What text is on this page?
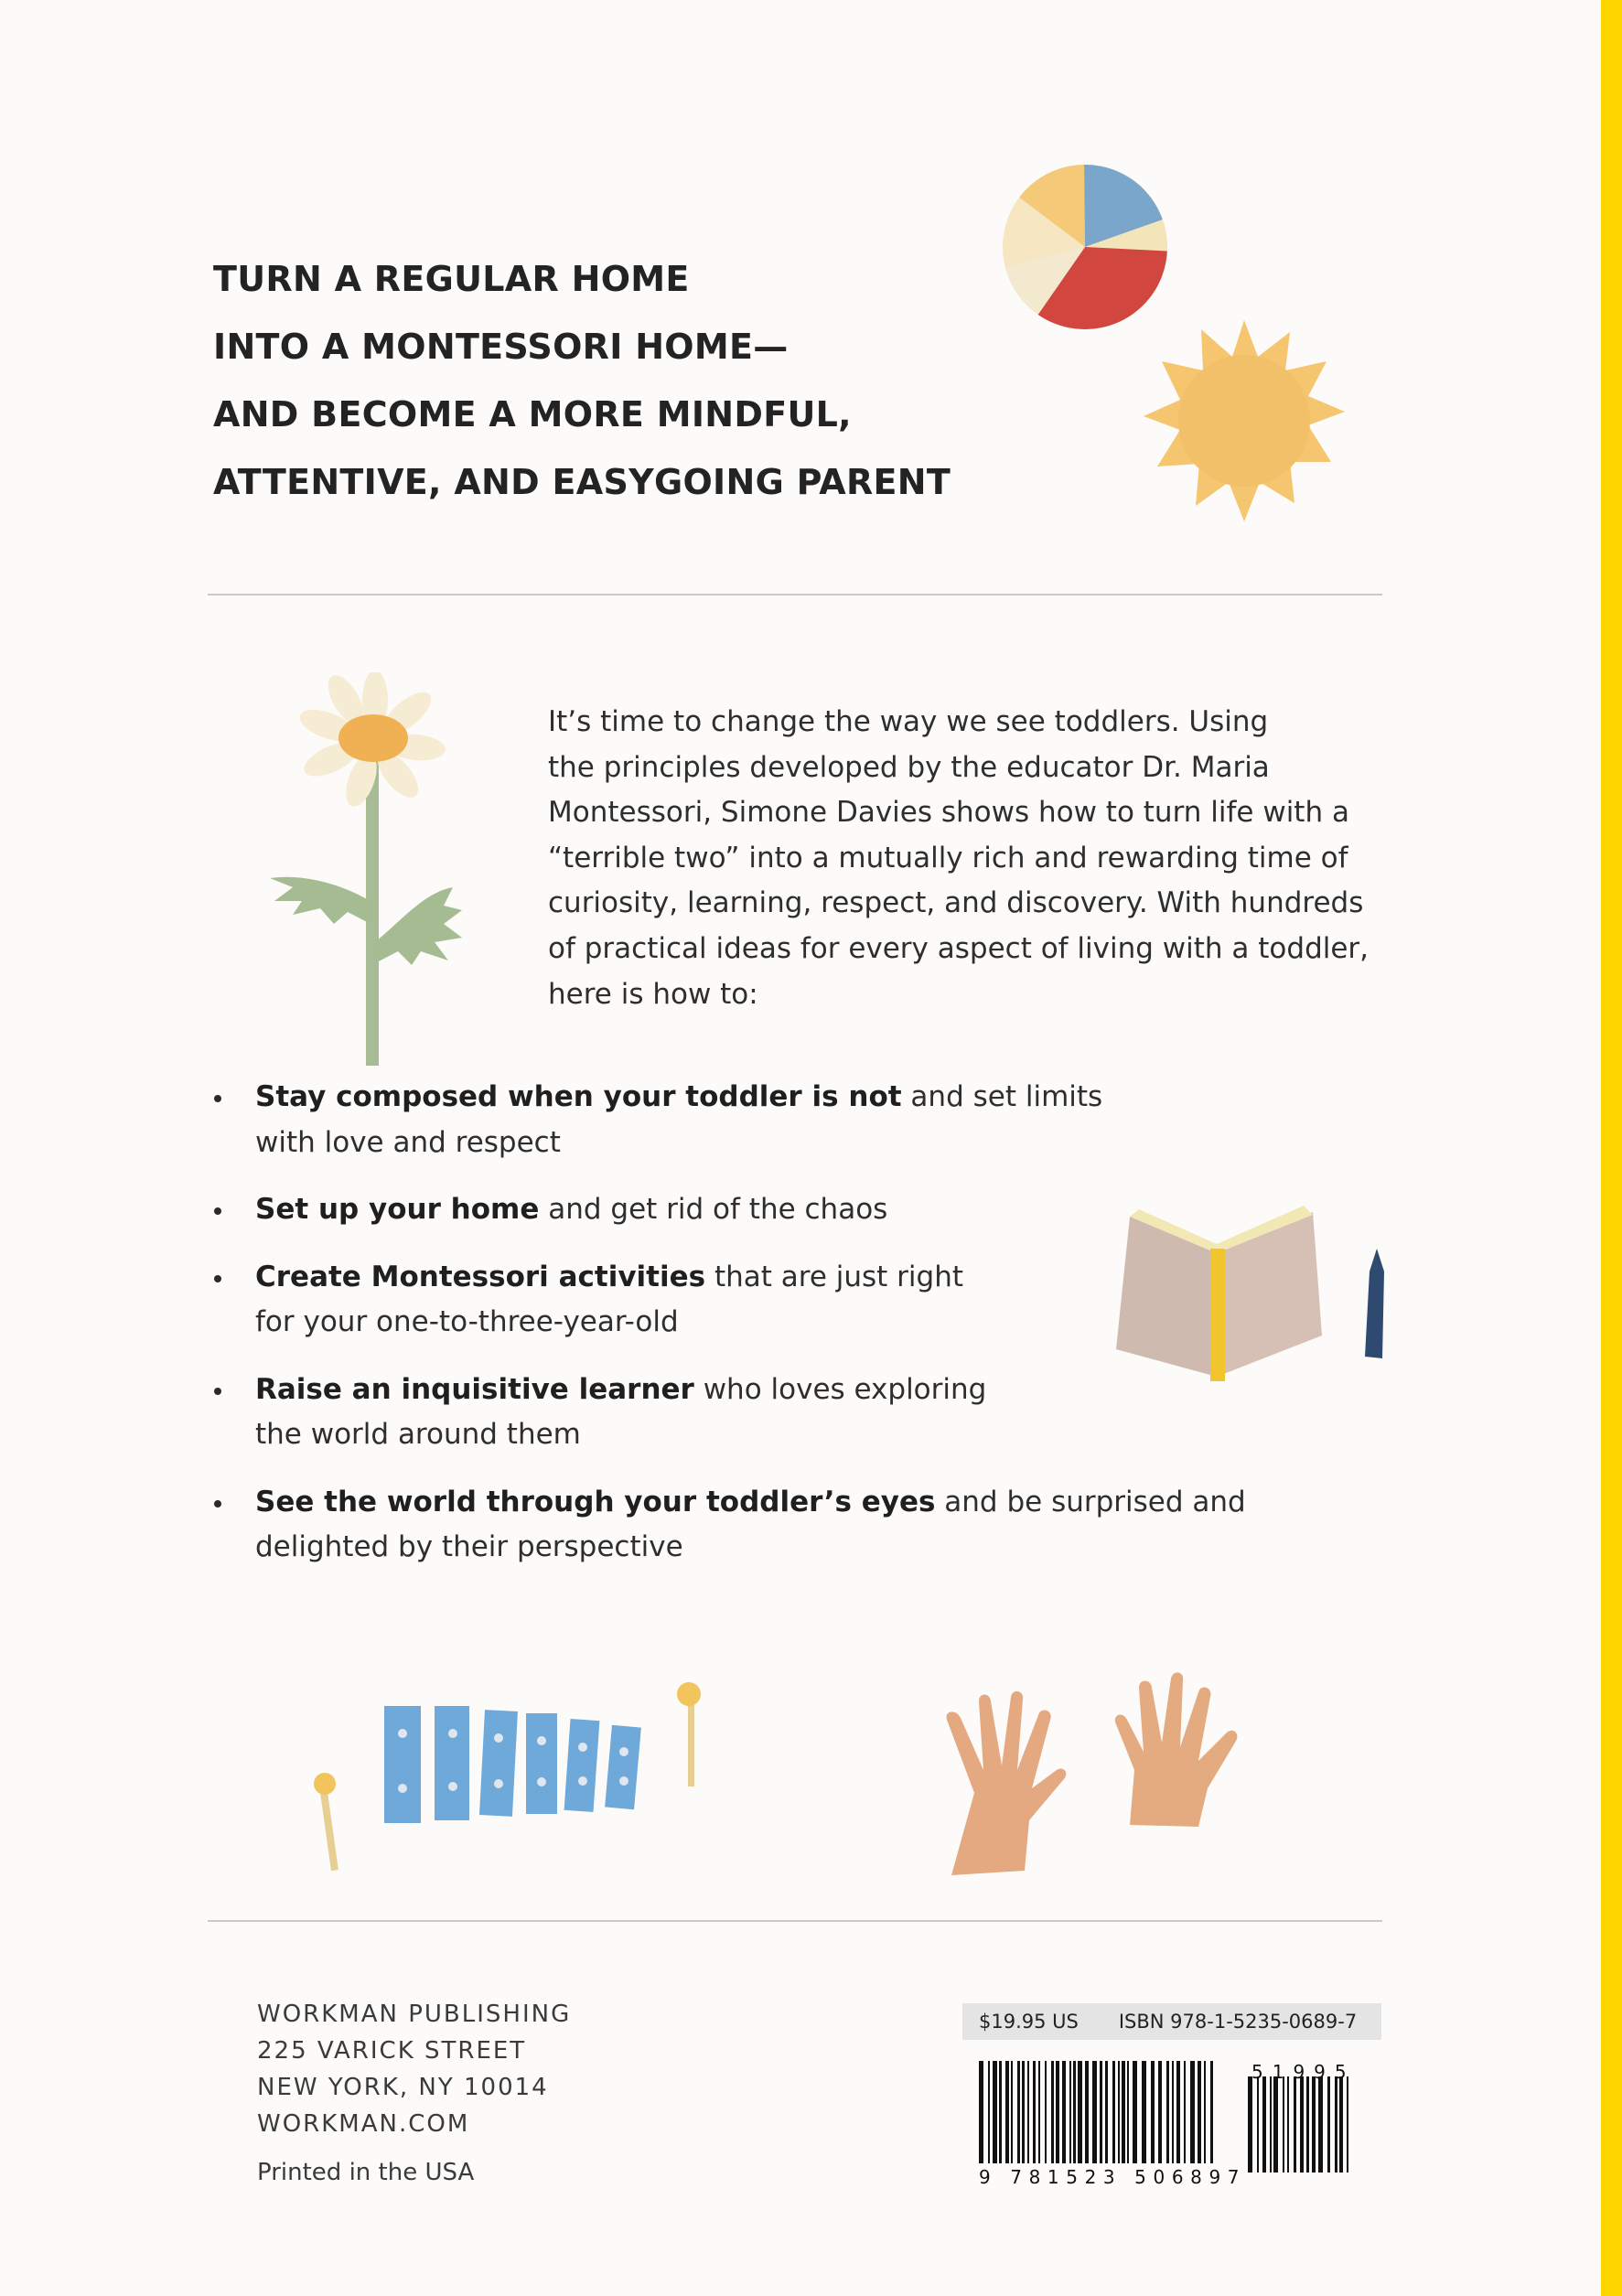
TURN A REGULAR HOME
INTO A MONTESSORI HOME—
AND BECOME A MORE MINDFUL,
ATTENTIVE, AND EASYGOING PARENT

It’s time to change the way we see toddlers. Using
the principles developed by the educator Dr. Maria
Montessori, Simone Davies shows how to turn life with a
“terrible two” into a mutually rich and rewarding time of
curiosity, learning, respect, and discovery. With hundreds
of practical ideas for every aspect of living with a toddler,
here is how to:

Stay composed when your toddler is not and set limits
with love and respect
Set up your home and get rid of the chaos
Create Montessori activities that are just right
for your one-to-three-year-old
Raise an inquisitive learner who loves exploring
the world around them
See the world through your toddler’s eyes and be surprised and
delighted by their perspective
WORKMAN PUBLISHING
225 VARICK STREET
NEW YORK, NY 10014
WORKMAN.COM
Printed in the USA
$19.95 US ISBN 978-1-5235-0689-7
9 781523 506897
51995
